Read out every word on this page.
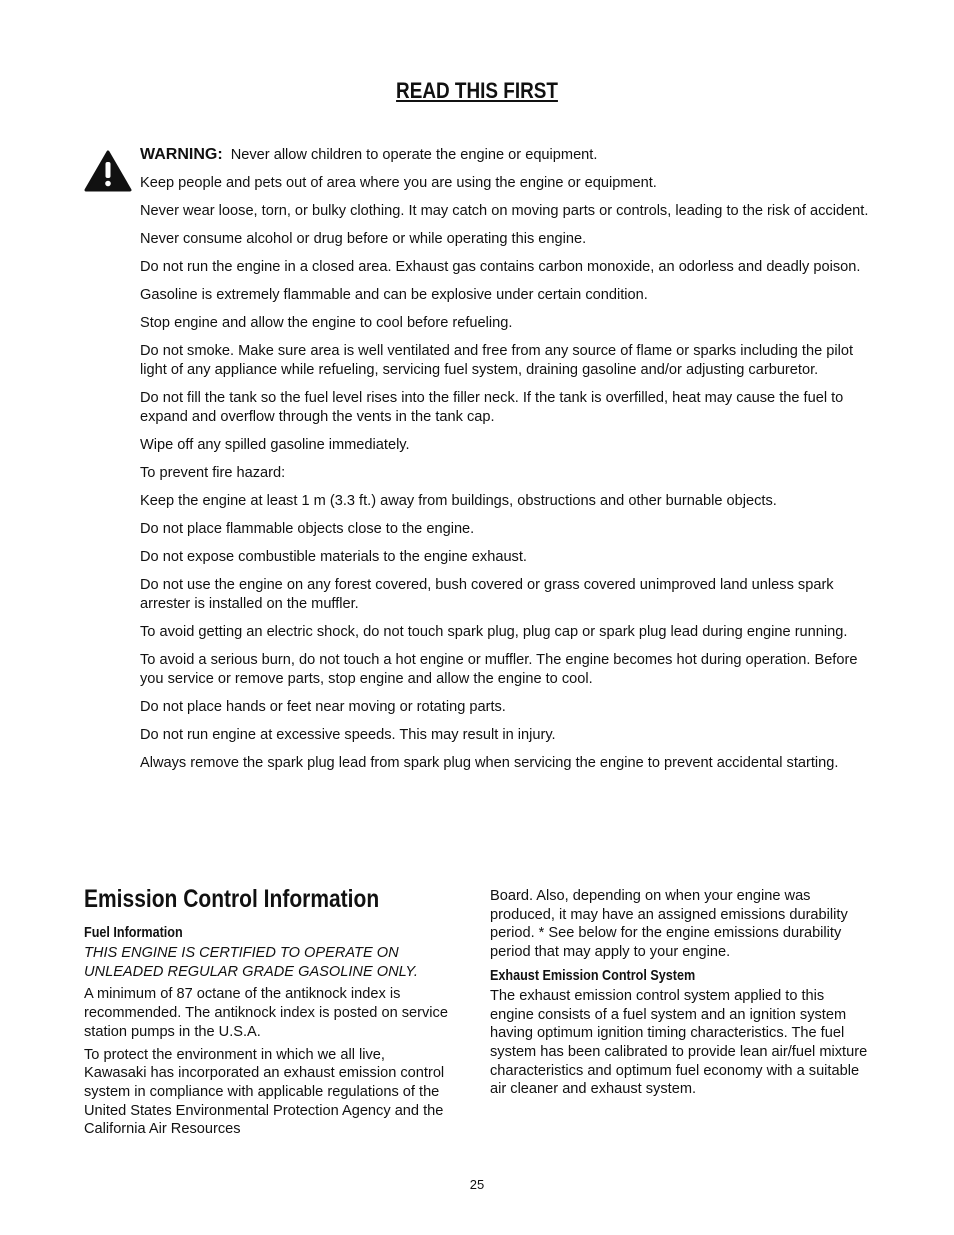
READ THIS FIRST

WARNING: Never allow children to operate the engine or equipment.

Keep people and pets out of area where you are using the engine or equipment.

Never wear loose, torn, or bulky clothing. It may catch on moving parts or controls, leading to the risk of accident.

Never consume alcohol or drug before or while operating this engine.

Do not run the engine in a closed area. Exhaust gas contains carbon monoxide, an odorless and deadly poison.

Gasoline is extremely flammable and can be explosive under certain condition.

Stop engine and allow the engine to cool before refueling.

Do not smoke. Make sure area is well ventilated and free from any source of flame or sparks including the pilot light of any appliance while refueling, servicing fuel system, draining gasoline and/or adjusting carburetor.

Do not fill the tank so the fuel level rises into the filler neck. If the tank is overfilled, heat may cause the fuel to expand and overflow through the vents in the tank cap.

Wipe off any spilled gasoline immediately.

To prevent fire hazard:

Keep the engine at least 1 m (3.3 ft.) away from buildings, obstructions and other burnable objects.

Do not place flammable objects close to the engine.

Do not expose combustible materials to the engine exhaust.

Do not use the engine on any forest covered, bush covered or grass covered unimproved land unless spark arrester is installed on the muffler.

To avoid getting an electric shock, do not touch spark plug, plug cap or spark plug lead during engine running.

To avoid a serious burn, do not touch a hot engine or muffler. The engine becomes hot during operation. Before you service or remove parts, stop engine and allow the engine to cool.

Do not place hands or feet near moving or rotating parts.

Do not run engine at excessive speeds. This may result in injury.

Always remove the spark plug lead from spark plug when servicing the engine to prevent accidental starting.

Emission Control Information
Fuel Information

THIS ENGINE IS CERTIFIED TO OPERATE ON UNLEADED REGULAR GRADE GASOLINE ONLY.

A minimum of 87 octane of the antiknock index is recommended. The antiknock index is posted on service station pumps in the U.S.A.

To protect the environment in which we all live, Kawasaki has incorporated an exhaust emission control system in compliance with applicable regulations of the United States Environmental Protection Agency and the California Air Resources

Board. Also, depending on when your engine was produced, it may have an assigned emissions durability period. * See below for the engine emissions durability period that may apply to your engine.

Exhaust Emission Control System

The exhaust emission control system applied to this engine consists of a fuel system and an ignition system having optimum ignition timing characteristics. The fuel system has been calibrated to provide lean air/fuel mixture characteristics and optimum fuel economy with a suitable air cleaner and exhaust system.

25
